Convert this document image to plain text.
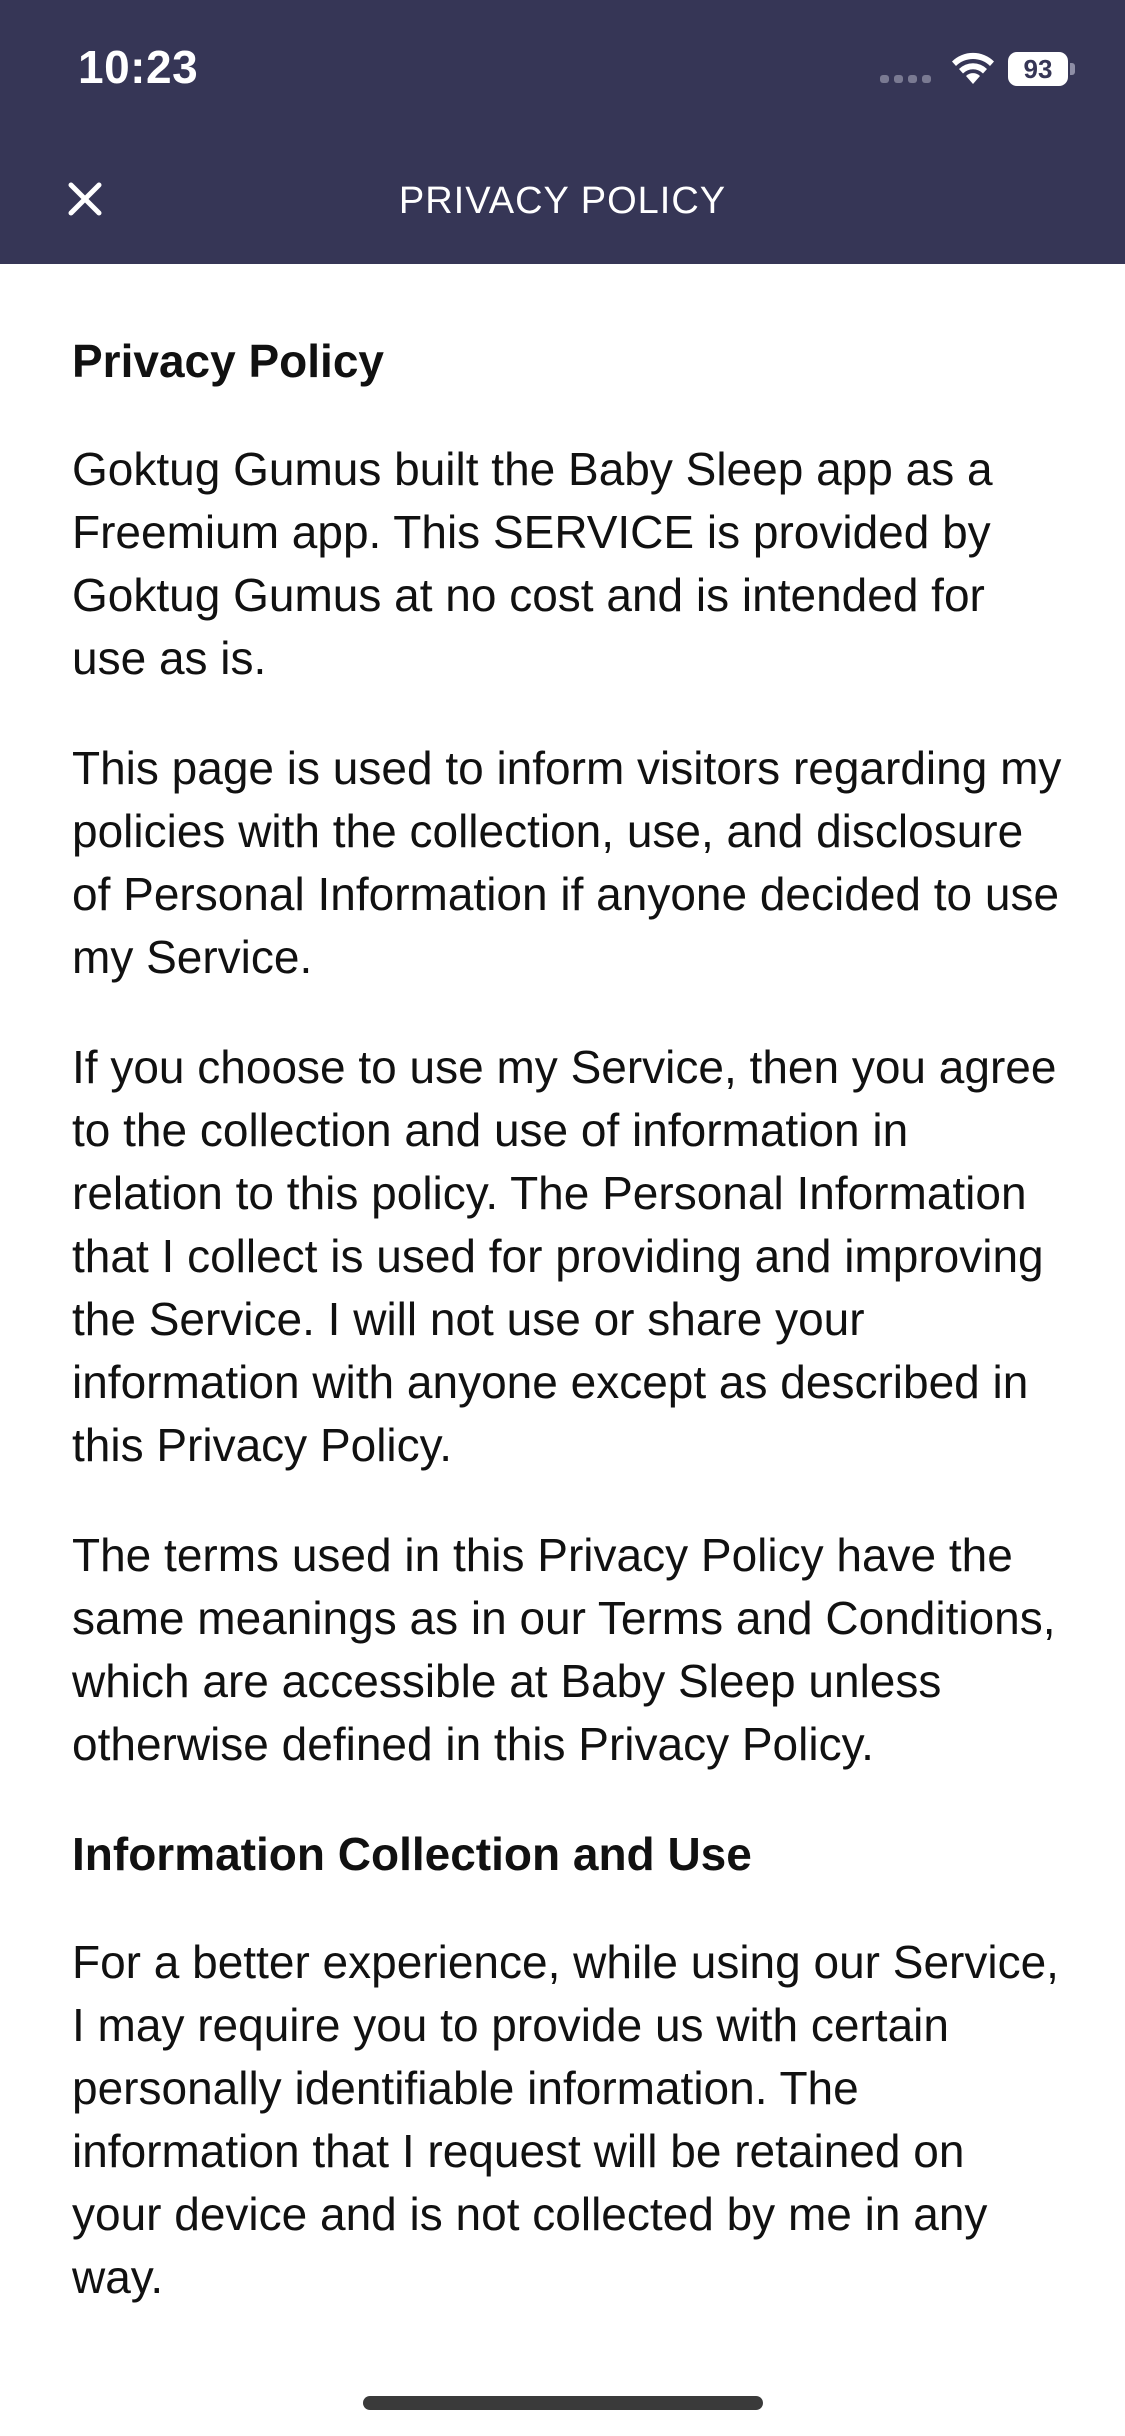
10:23	93
PRIVACY POLICY
Privacy Policy

Goktug Gumus built the Baby Sleep app as a Freemium app. This SERVICE is provided by Goktug Gumus at no cost and is intended for use as is.

This page is used to inform visitors regarding my policies with the collection, use, and disclosure of Personal Information if anyone decided to use my Service.

If you choose to use my Service, then you agree to the collection and use of information in relation to this policy. The Personal Information that I collect is used for providing and improving the Service. I will not use or share your information with anyone except as described in this Privacy Policy.

The terms used in this Privacy Policy have the same meanings as in our Terms and Conditions, which are accessible at Baby Sleep unless otherwise defined in this Privacy Policy.

Information Collection and Use

For a better experience, while using our Service, I may require you to provide us with certain personally identifiable information. The information that I request will be retained on your device and is not collected by me in any way.
